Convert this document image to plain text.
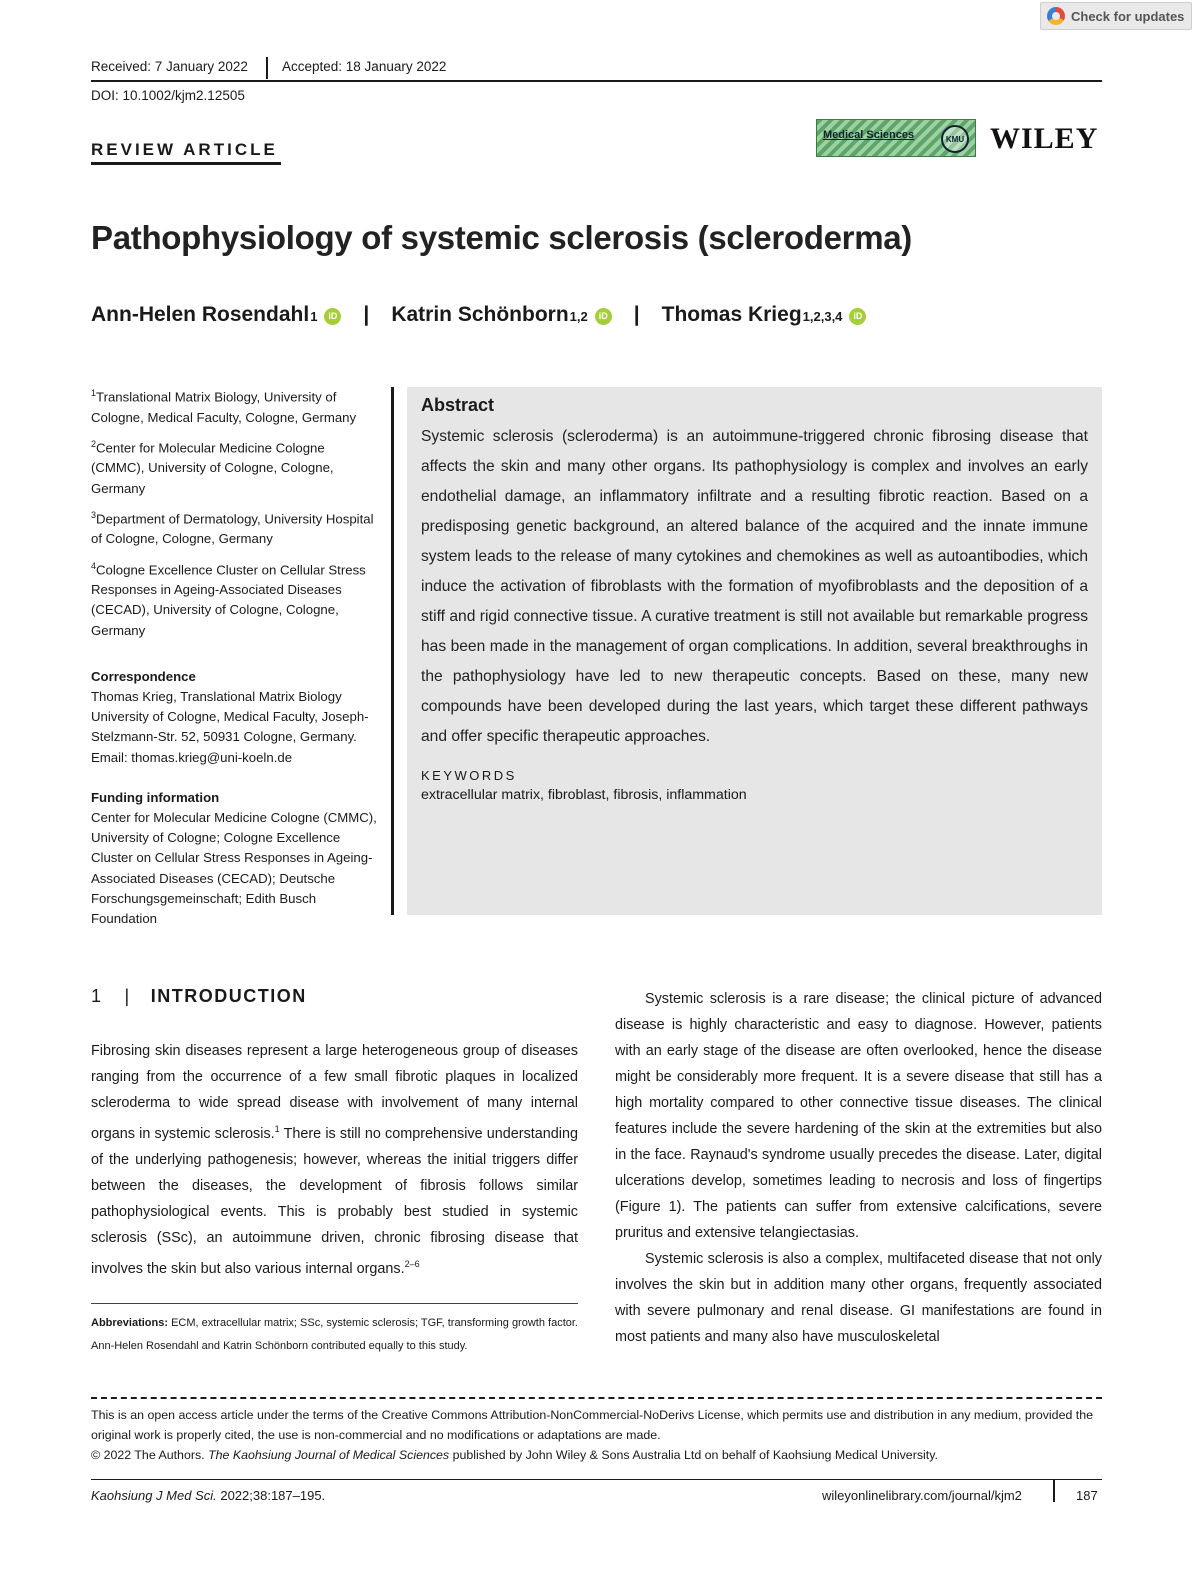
Check for updates
Received: 7 January 2022	Accepted: 18 January 2022
DOI: 10.1002/kjm2.12505
REVIEW ARTICLE
Medical Sciences	KMU WILEY
Pathophysiology of systemic sclerosis (scleroderma)
Ann-Helen Rosendahl 1	iD | Katrin Schönborn 1,2	iD | Thomas Krieg 1,2,3,4	iD

$^1$Translational Matrix Biology, University of Cologne, Medical Faculty, Cologne, Germany

$^2$Center for Molecular Medicine Cologne (CMMC), University of Cologne, Cologne, Germany

$^3$Department of Dermatology, University Hospital of Cologne, Cologne, Germany

$^4$Cologne Excellence Cluster on Cellular Stress Responses in Ageing-Associated Diseases (CECAD), University of Cologne, Cologne, Germany

Correspondence
Thomas Krieg, Translational Matrix Biology University of Cologne, Medical Faculty, Joseph-Stelzmann-Str. 52, 50931 Cologne, Germany.
Email: thomas.krieg@uni-koeln.de
Funding information
Center for Molecular Medicine Cologne (CMMC), University of Cologne; Cologne Excellence Cluster on Cellular Stress Responses in Ageing-Associated Diseases (CECAD); Deutsche Forschungsgemeinschaft; Edith Busch Foundation
Abstract
Systemic sclerosis (scleroderma) is an autoimmune-triggered chronic fibrosing disease that affects the skin and many other organs. Its pathophysiology is complex and involves an early endothelial damage, an inflammatory infiltrate and a resulting fibrotic reaction. Based on a predisposing genetic background, an altered balance of the acquired and the innate immune system leads to the release of many cytokines and chemokines as well as autoantibodies, which induce the activation of fibroblasts with the formation of myofibroblasts and the deposition of a stiff and rigid connective tissue. A curative treatment is still not available but remarkable progress has been made in the management of organ complications. In addition, several breakthroughs in the pathophysiology have led to new therapeutic concepts. Based on these, many new compounds have been developed during the last years, which target these different pathways and offer specific therapeutic approaches.
KEYWORDS
extracellular matrix, fibroblast, fibrosis, inflammation
1 | INTRODUCTION

Fibrosing skin diseases represent a large heterogeneous group of diseases ranging from the occurrence of a few small fibrotic plaques in localized scleroderma to wide spread disease with involvement of many internal organs in systemic sclerosis.$^1$ There is still no comprehensive understanding of the underlying pathogenesis; however, whereas the initial triggers differ between the diseases, the development of fibrosis follows similar pathophysiological events. This is probably best studied in systemic sclerosis (SSc), an autoimmune driven, chronic fibrosing disease that involves the skin but also various internal organs.$^{2-6}$

Abbreviations: ECM, extracellular matrix; SSc, systemic sclerosis; TGF, transforming growth factor.

Ann-Helen Rosendahl and Katrin Schönborn contributed equally to this study.

Systemic sclerosis is a rare disease; the clinical picture of advanced disease is highly characteristic and easy to diagnose. However, patients with an early stage of the disease are often overlooked, hence the disease might be considerably more frequent. It is a severe disease that still has a high mortality compared to other connective tissue diseases. The clinical features include the severe hardening of the skin at the extremities but also in the face. Raynaud's syndrome usually precedes the disease. Later, digital ulcerations develop, sometimes leading to necrosis and loss of fingertips (Figure 1). The patients can suffer from extensive calcifications, severe pruritus and extensive telangiectasias.

Systemic sclerosis is also a complex, multifaceted disease that not only involves the skin but in addition many other organs, frequently associated with severe pulmonary and renal disease. GI manifestations are found in most patients and many also have musculoskeletal

This is an open access article under the terms of the Creative Commons Attribution-NonCommercial-NoDerivs License, which permits use and distribution in any medium, provided the original work is properly cited, the use is non-commercial and no modifications or adaptations are made.
© 2022 The Authors. The Kaohsiung Journal of Medical Sciences published by John Wiley & Sons Australia Ltd on behalf of Kaohsiung Medical University.
Kaohsiung J Med Sci. 2022;38:187–195.	wileyonlinelibrary.com/journal/kjm2	187
